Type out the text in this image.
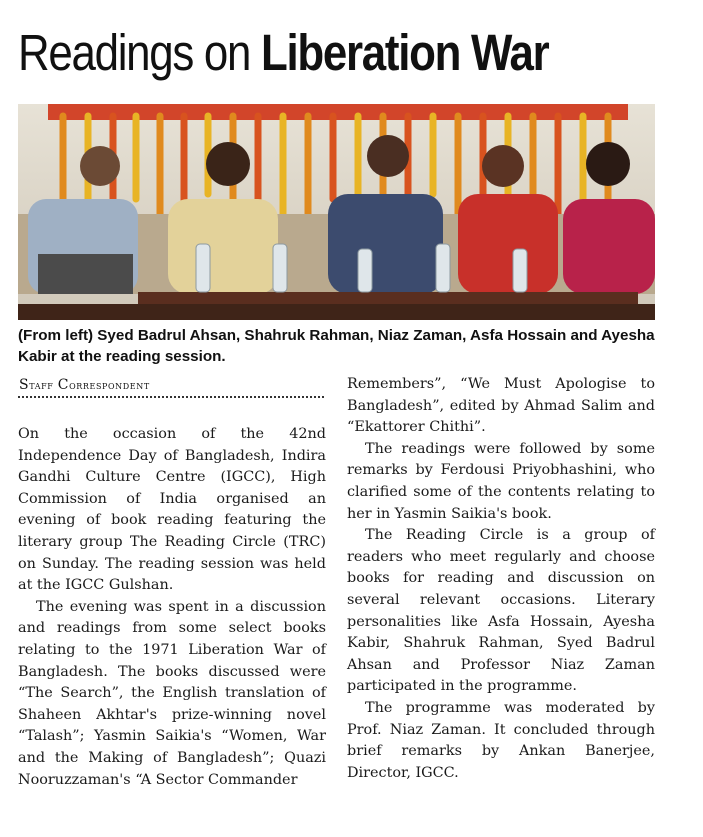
Readings on Liberation War
(From left) Syed Badrul Ahsan, Shahruk Rahman, Niaz Zaman, Asfa Hossain and Ayesha Kabir at the reading session.
Staff Correspondent

On the occasion of the 42nd Independence Day of Bangladesh, Indira Gandhi Culture Centre (IGCC), High Commission of India organised an evening of book reading featuring the literary group The Reading Circle (TRC) on Sunday. The reading session was held at the IGCC Gulshan.

The evening was spent in a discussion and readings from some select books relating to the 1971 Liberation War of Bangladesh. The books discussed were “The Search”, the English translation of Shaheen Akhtar's prize-winning novel “Talash”; Yasmin Saikia's “Women, War and the Making of Bangladesh”; Quazi Nooruzzaman's “A Sector Commander

Remembers”, “We Must Apologise to Bangladesh”, edited by Ahmad Salim and “Ekattorer Chithi”.

The readings were followed by some remarks by Ferdousi Priyobhashini, who clarified some of the contents relating to her in Yasmin Saikia's book.

The Reading Circle is a group of readers who meet regularly and choose books for reading and discussion on several relevant occasions. Literary personalities like Asfa Hossain, Ayesha Kabir, Shahruk Rahman, Syed Badrul Ahsan and Professor Niaz Zaman participated in the programme.

The programme was moderated by Prof. Niaz Zaman. It concluded through brief remarks by Ankan Banerjee, Director, IGCC.
